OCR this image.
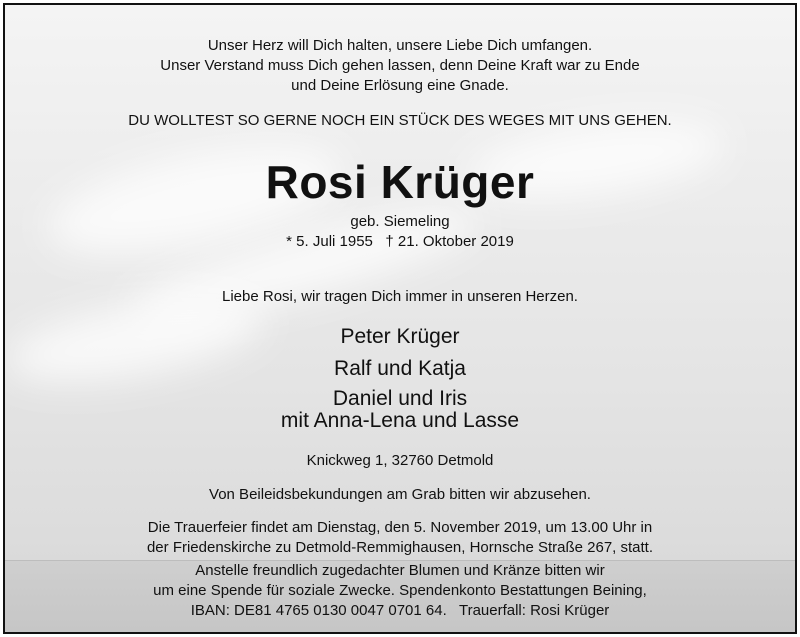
Unser Herz will Dich halten, unsere Liebe Dich umfangen.
Unser Verstand muss Dich gehen lassen, denn Deine Kraft war zu Ende
und Deine Erlösung eine Gnade.
DU WOLLTEST SO GERNE NOCH EIN STÜCK DES WEGES MIT UNS GEHEN.
Rosi Krüger
geb. Siemeling
* 5. Juli 1955   † 21. Oktober 2019
Liebe Rosi, wir tragen Dich immer in unseren Herzen.
Peter Krüger
Ralf und Katja
Daniel und Iris
mit Anna-Lena und Lasse
Knickweg 1, 32760 Detmold
Von Beileidsbekundungen am Grab bitten wir abzusehen.
Die Trauerfeier findet am Dienstag, den 5. November 2019, um 13.00 Uhr in
der Friedenskirche zu Detmold-Remmighausen, Hornsche Straße 267, statt.
Anstelle freundlich zugedachter Blumen und Kränze bitten wir
um eine Spende für soziale Zwecke. Spendenkonto Bestattungen Beining,
IBAN: DE81 4765 0130 0047 0701 64.   Trauerfall: Rosi Krüger
